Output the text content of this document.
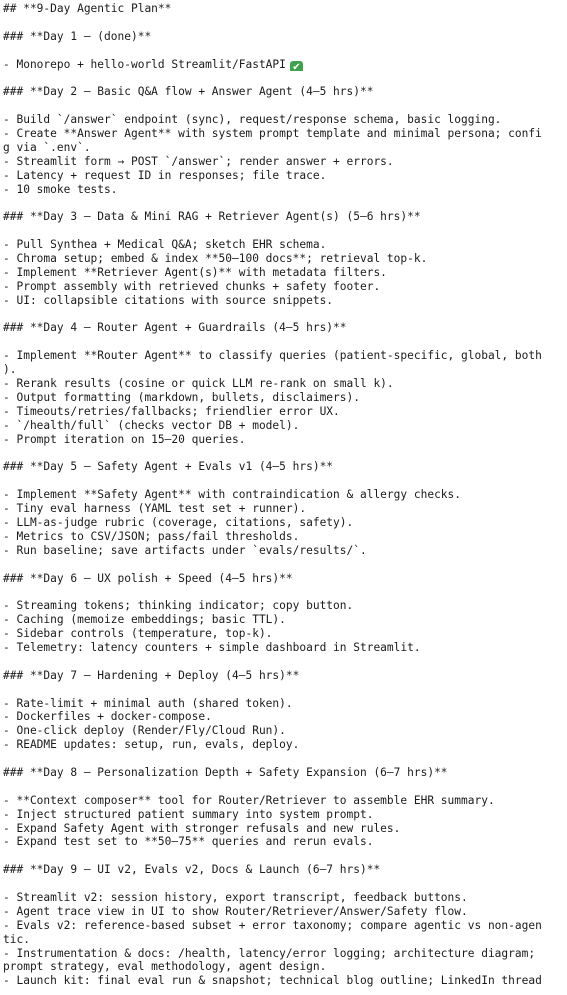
## **9-Day Agentic Plan**
### **Day 1 — (done)**
- Monorepo + hello-world Streamlit/FastAPI ✔
### **Day 2 — Basic Q&A flow + Answer Agent (4–5 hrs)**
- Build `/answer` endpoint (sync), request/response schema, basic logging.
- Create **Answer Agent** with system prompt template and minimal persona; confi
g via `.env`.
- Streamlit form → POST `/answer`; render answer + errors.
- Latency + request ID in responses; file trace.
- 10 smoke tests.
### **Day 3 — Data & Mini RAG + Retriever Agent(s) (5–6 hrs)**
- Pull Synthea + Medical Q&A; sketch EHR schema.
- Chroma setup; embed & index **50–100 docs**; retrieval top-k.
- Implement **Retriever Agent(s)** with metadata filters.
- Prompt assembly with retrieved chunks + safety footer.
- UI: collapsible citations with source snippets.
### **Day 4 — Router Agent + Guardrails (4–5 hrs)**
- Implement **Router Agent** to classify queries (patient-specific, global, both
).
- Rerank results (cosine or quick LLM re-rank on small k).
- Output formatting (markdown, bullets, disclaimers).
- Timeouts/retries/fallbacks; friendlier error UX.
- `/health/full` (checks vector DB + model).
- Prompt iteration on 15–20 queries.
### **Day 5 — Safety Agent + Evals v1 (4–5 hrs)**
- Implement **Safety Agent** with contraindication & allergy checks.
- Tiny eval harness (YAML test set + runner).
- LLM-as-judge rubric (coverage, citations, safety).
- Metrics to CSV/JSON; pass/fail thresholds.
- Run baseline; save artifacts under `evals/results/`.
### **Day 6 — UX polish + Speed (4–5 hrs)**
- Streaming tokens; thinking indicator; copy button.
- Caching (memoize embeddings; basic TTL).
- Sidebar controls (temperature, top-k).
- Telemetry: latency counters + simple dashboard in Streamlit.
### **Day 7 — Hardening + Deploy (4–5 hrs)**
- Rate-limit + minimal auth (shared token).
- Dockerfiles + docker-compose.
- One-click deploy (Render/Fly/Cloud Run).
- README updates: setup, run, evals, deploy.
### **Day 8 — Personalization Depth + Safety Expansion (6–7 hrs)**
- **Context composer** tool for Router/Retriever to assemble EHR summary.
- Inject structured patient summary into system prompt.
- Expand Safety Agent with stronger refusals and new rules.
- Expand test set to **50–75** queries and rerun evals.
### **Day 9 — UI v2, Evals v2, Docs & Launch (6–7 hrs)**
- Streamlit v2: session history, export transcript, feedback buttons.
- Agent trace view in UI to show Router/Retriever/Answer/Safety flow.
- Evals v2: reference-based subset + error taxonomy; compare agentic vs non-agen
tic.
- Instrumentation & docs: /health, latency/error logging; architecture diagram;
prompt strategy, eval methodology, agent design.
- Launch kit: final eval run & snapshot; technical blog outline; LinkedIn thread
